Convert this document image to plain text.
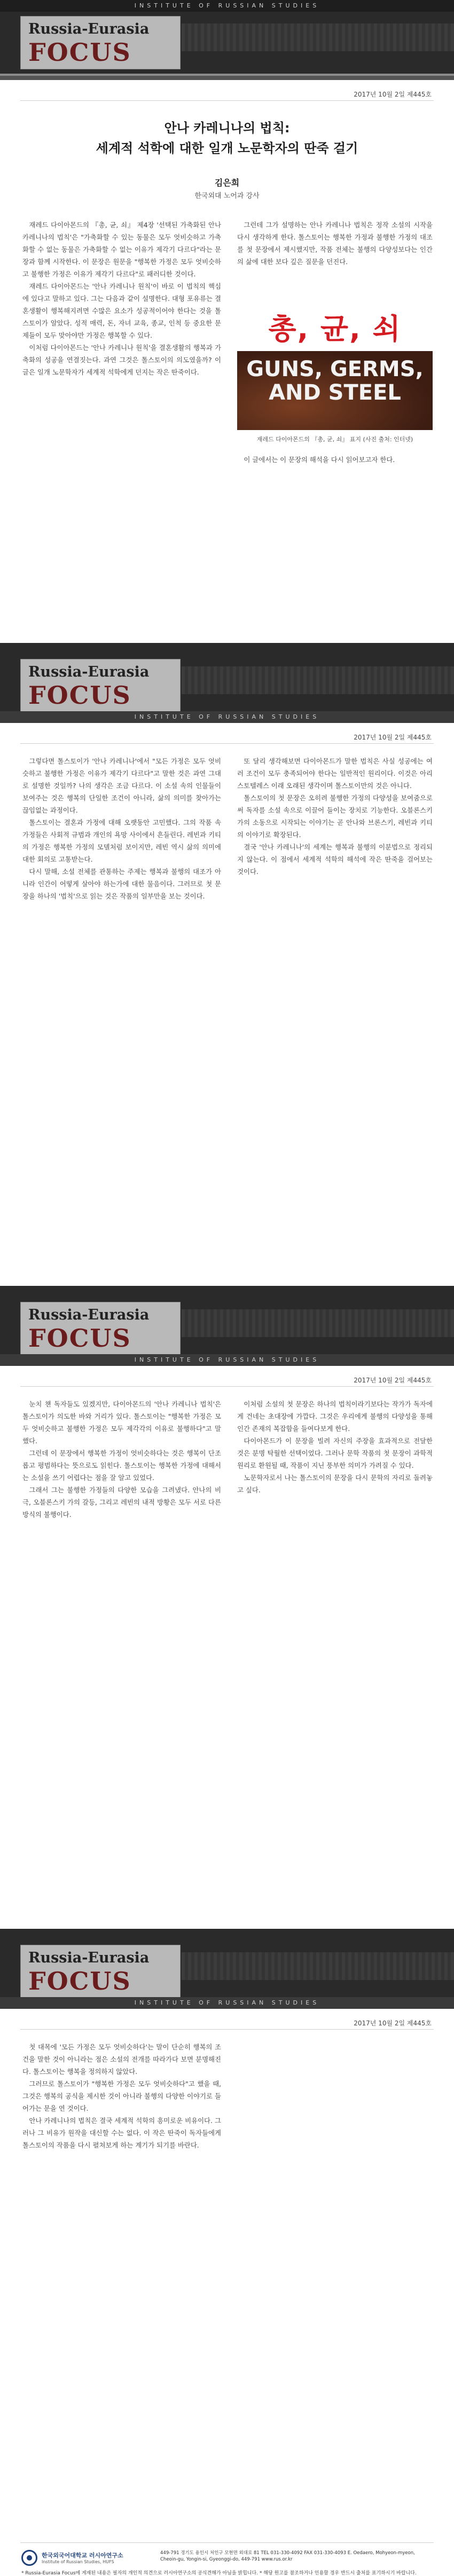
INSTITUTE OF RUSSIAN STUDIES
Russia-Eurasia
FOCUS
2017년 10월 2일 제445호
안나 카레니나의 법칙:
세계적 석학에 대한 일개 노문학자의 딴죽 걸기
김은희
한국외대 노어과 강사

재레드 다이아몬드의 『총, 균, 쇠』 제4장 '선택된 가축화된 안나 카레니나의 법칙'은 "가축화할 수 있는 동물은 모두 엇비슷하고 가축화할 수 없는 동물은 가축화할 수 없는 이유가 제각기 다르다"라는 문장과 함께 시작한다. 이 문장은 원문을 "행복한 가정은 모두 엇비슷하고 불행한 가정은 이유가 제각기 다르다"로 패러디한 것이다.

재레드 다이아몬드는 '안나 카레니나 원칙'이 바로 이 법칙의 핵심에 있다고 말하고 있다. 그는 다음과 같이 설명한다. 대형 포유류는 결혼생활이 행복해지려면 수많은 요소가 성공적이어야 한다는 것을 톨스토이가 알았다. 성적 매력, 돈, 자녀 교육, 종교, 인척 등 중요한 문제들이 모두 맞아야만 가정은 행복할 수 있다.

이처럼 다이아몬드는 '안나 카레니나 원칙'을 결혼생활의 행복과 가축화의 성공을 연결짓는다. 과연 그것은 톨스토이의 의도였을까? 이 글은 일개 노문학자가 세계적 석학에게 던지는 작은 딴죽이다.

그런데 그가 설명하는 안나 카레니나 법칙은 정작 소설의 시작을 다시 생각하게 한다. 톨스토이는 행복한 가정과 불행한 가정의 대조를 첫 문장에서 제시했지만, 작품 전체는 불행의 다양성보다는 인간의 삶에 대한 보다 깊은 질문을 던진다.

총, 균, 쇠
GUNS, GERMS, AND STEEL
재레드 다이아몬드의 『총, 균, 쇠』 표지 (사진 출처: 인터넷)

이 글에서는 이 문장의 해석을 다시 읽어보고자 한다.

Russia-Eurasia
FOCUS
INSTITUTE OF RUSSIAN STUDIES
2017년 10월 2일 제445호

그렇다면 톨스토이가 '안나 카레니나'에서 "모든 가정은 모두 엇비슷하고 불행한 가정은 이유가 제각기 다르다"고 말한 것은 과연 그대로 설명한 것일까? 나의 생각은 조금 다르다. 이 소설 속의 인물들이 보여주는 것은 행복의 단일한 조건이 아니라, 삶의 의미를 찾아가는 끊임없는 과정이다.

톨스토이는 결혼과 가정에 대해 오랫동안 고민했다. 그의 작품 속 가정들은 사회적 규범과 개인의 욕망 사이에서 흔들린다. 레빈과 키티의 가정은 행복한 가정의 모델처럼 보이지만, 레빈 역시 삶의 의미에 대한 회의로 고통받는다.

다시 말해, 소설 전체를 관통하는 주제는 행복과 불행의 대조가 아니라 인간이 어떻게 살아야 하는가에 대한 물음이다. 그러므로 첫 문장을 하나의 '법칙'으로 읽는 것은 작품의 일부만을 보는 것이다.

또 달리 생각해보면 다이아몬드가 말한 법칙은 사실 성공에는 여러 조건이 모두 충족되어야 한다는 일반적인 원리이다. 이것은 아리스토텔레스 이래 오래된 생각이며 톨스토이만의 것은 아니다.

톨스토이의 첫 문장은 오히려 불행한 가정의 다양성을 보여줌으로써 독자를 소설 속으로 이끌어 들이는 장치로 기능한다. 오블론스키 가의 소동으로 시작되는 이야기는 곧 안나와 브론스키, 레빈과 키티의 이야기로 확장된다.

결국 '안나 카레니나'의 세계는 행복과 불행의 이분법으로 정리되지 않는다. 이 점에서 세계적 석학의 해석에 작은 딴죽을 걸어보는 것이다.

Russia-Eurasia
FOCUS
INSTITUTE OF RUSSIAN STUDIES
2017년 10월 2일 제445호

눈치 챈 독자들도 있겠지만, 다이아몬드의 '안나 카레니나 법칙'은 톨스토이가 의도한 바와 거리가 있다. 톨스토이는 "행복한 가정은 모두 엇비슷하고 불행한 가정은 모두 제각각의 이유로 불행하다"고 말했다.

그런데 이 문장에서 행복한 가정이 엇비슷하다는 것은 행복이 단조롭고 평범하다는 뜻으로도 읽힌다. 톨스토이는 행복한 가정에 대해서는 소설을 쓰기 어렵다는 점을 잘 알고 있었다.

그래서 그는 불행한 가정들의 다양한 모습을 그려냈다. 안나의 비극, 오블론스키 가의 갈등, 그리고 레빈의 내적 방황은 모두 서로 다른 방식의 불행이다.

이처럼 소설의 첫 문장은 하나의 법칙이라기보다는 작가가 독자에게 건네는 초대장에 가깝다. 그것은 우리에게 불행의 다양성을 통해 인간 존재의 복잡함을 들여다보게 한다.

다이아몬드가 이 문장을 빌려 자신의 주장을 효과적으로 전달한 것은 분명 탁월한 선택이었다. 그러나 문학 작품의 첫 문장이 과학적 원리로 환원될 때, 작품이 지닌 풍부한 의미가 가려질 수 있다.

노문학자로서 나는 톨스토이의 문장을 다시 문학의 자리로 돌려놓고 싶다.

Russia-Eurasia
FOCUS
INSTITUTE OF RUSSIAN STUDIES
2017년 10월 2일 제445호

첫 대목에 '모든 가정은 모두 엇비슷하다'는 말이 단순히 행복의 조건을 말한 것이 아니라는 점은 소설의 전개를 따라가다 보면 분명해진다. 톨스토이는 행복을 정의하지 않았다.

그러므로 톨스토이가 "행복한 가정은 모두 엇비슷하다"고 했을 때, 그것은 행복의 공식을 제시한 것이 아니라 불행의 다양한 이야기로 들어가는 문을 연 것이다.

안나 카레니나의 법칙은 결국 세계적 석학의 흥미로운 비유이다. 그러나 그 비유가 원작을 대신할 수는 없다. 이 작은 딴죽이 독자들에게 톨스토이의 작품을 다시 펼쳐보게 하는 계기가 되기를 바란다.

한국외국어대학교 러시아연구소
Institute of Russian Studies, HUFS
449-791 경기도 용인시 처인구 모현면 외대로 81 TEL 031-330-4092 FAX 031-330-4093 E. Oedaero, Mohyeon-myeon, Cheoin-gu, Yongin-si, Gyeonggi-do, 449-791 www.rus.or.kr
* Russia-Eurasia Focus에 게재된 내용은 필자의 개인적 의견으로 러시아연구소의 공식견해가 아님을 밝힙니다. * 해당 원고를 참조하거나 인용할 경우 반드시 출처를 표기하시기 바랍니다.
